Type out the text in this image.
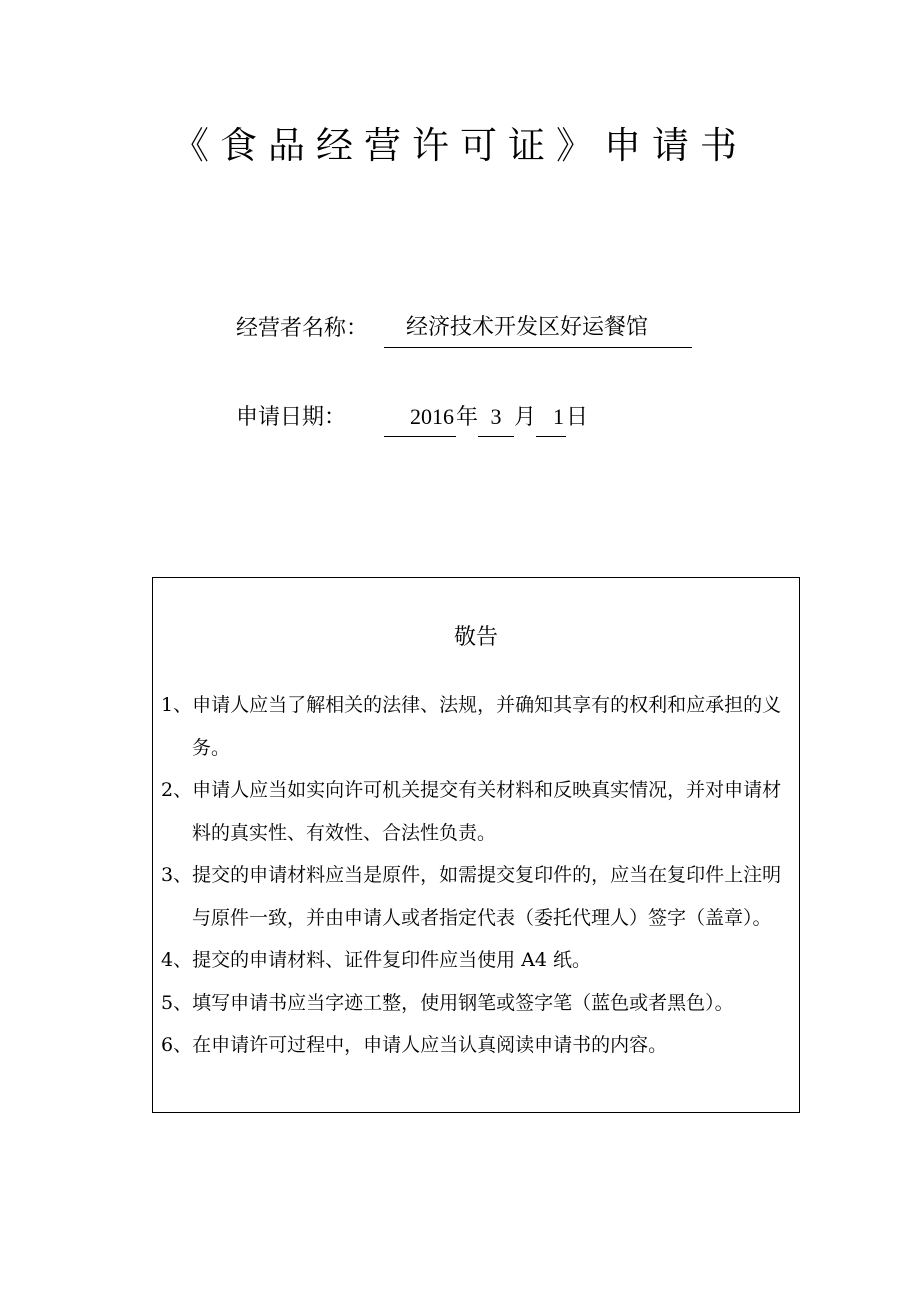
《食品经营许可证》申请书
经营者名称： 经济技术开发区好运餐馆
申请日期：	2016年 3 月 1日
敬告
1、申请人应当了解相关的法律、法规，并确知其享有的权利和应承担的义务。
2、申请人应当如实向许可机关提交有关材料和反映真实情况，并对申请材料的真实性、有效性、合法性负责。
3、提交的申请材料应当是原件，如需提交复印件的，应当在复印件上注明与原件一致，并由申请人或者指定代表（委托代理人）签字（盖章）。
4、提交的申请材料、证件复印件应当使用 A4 纸。
5、填写申请书应当字迹工整，使用钢笔或签字笔（蓝色或者黑色）。
6、在申请许可过程中，申请人应当认真阅读申请书的内容。
